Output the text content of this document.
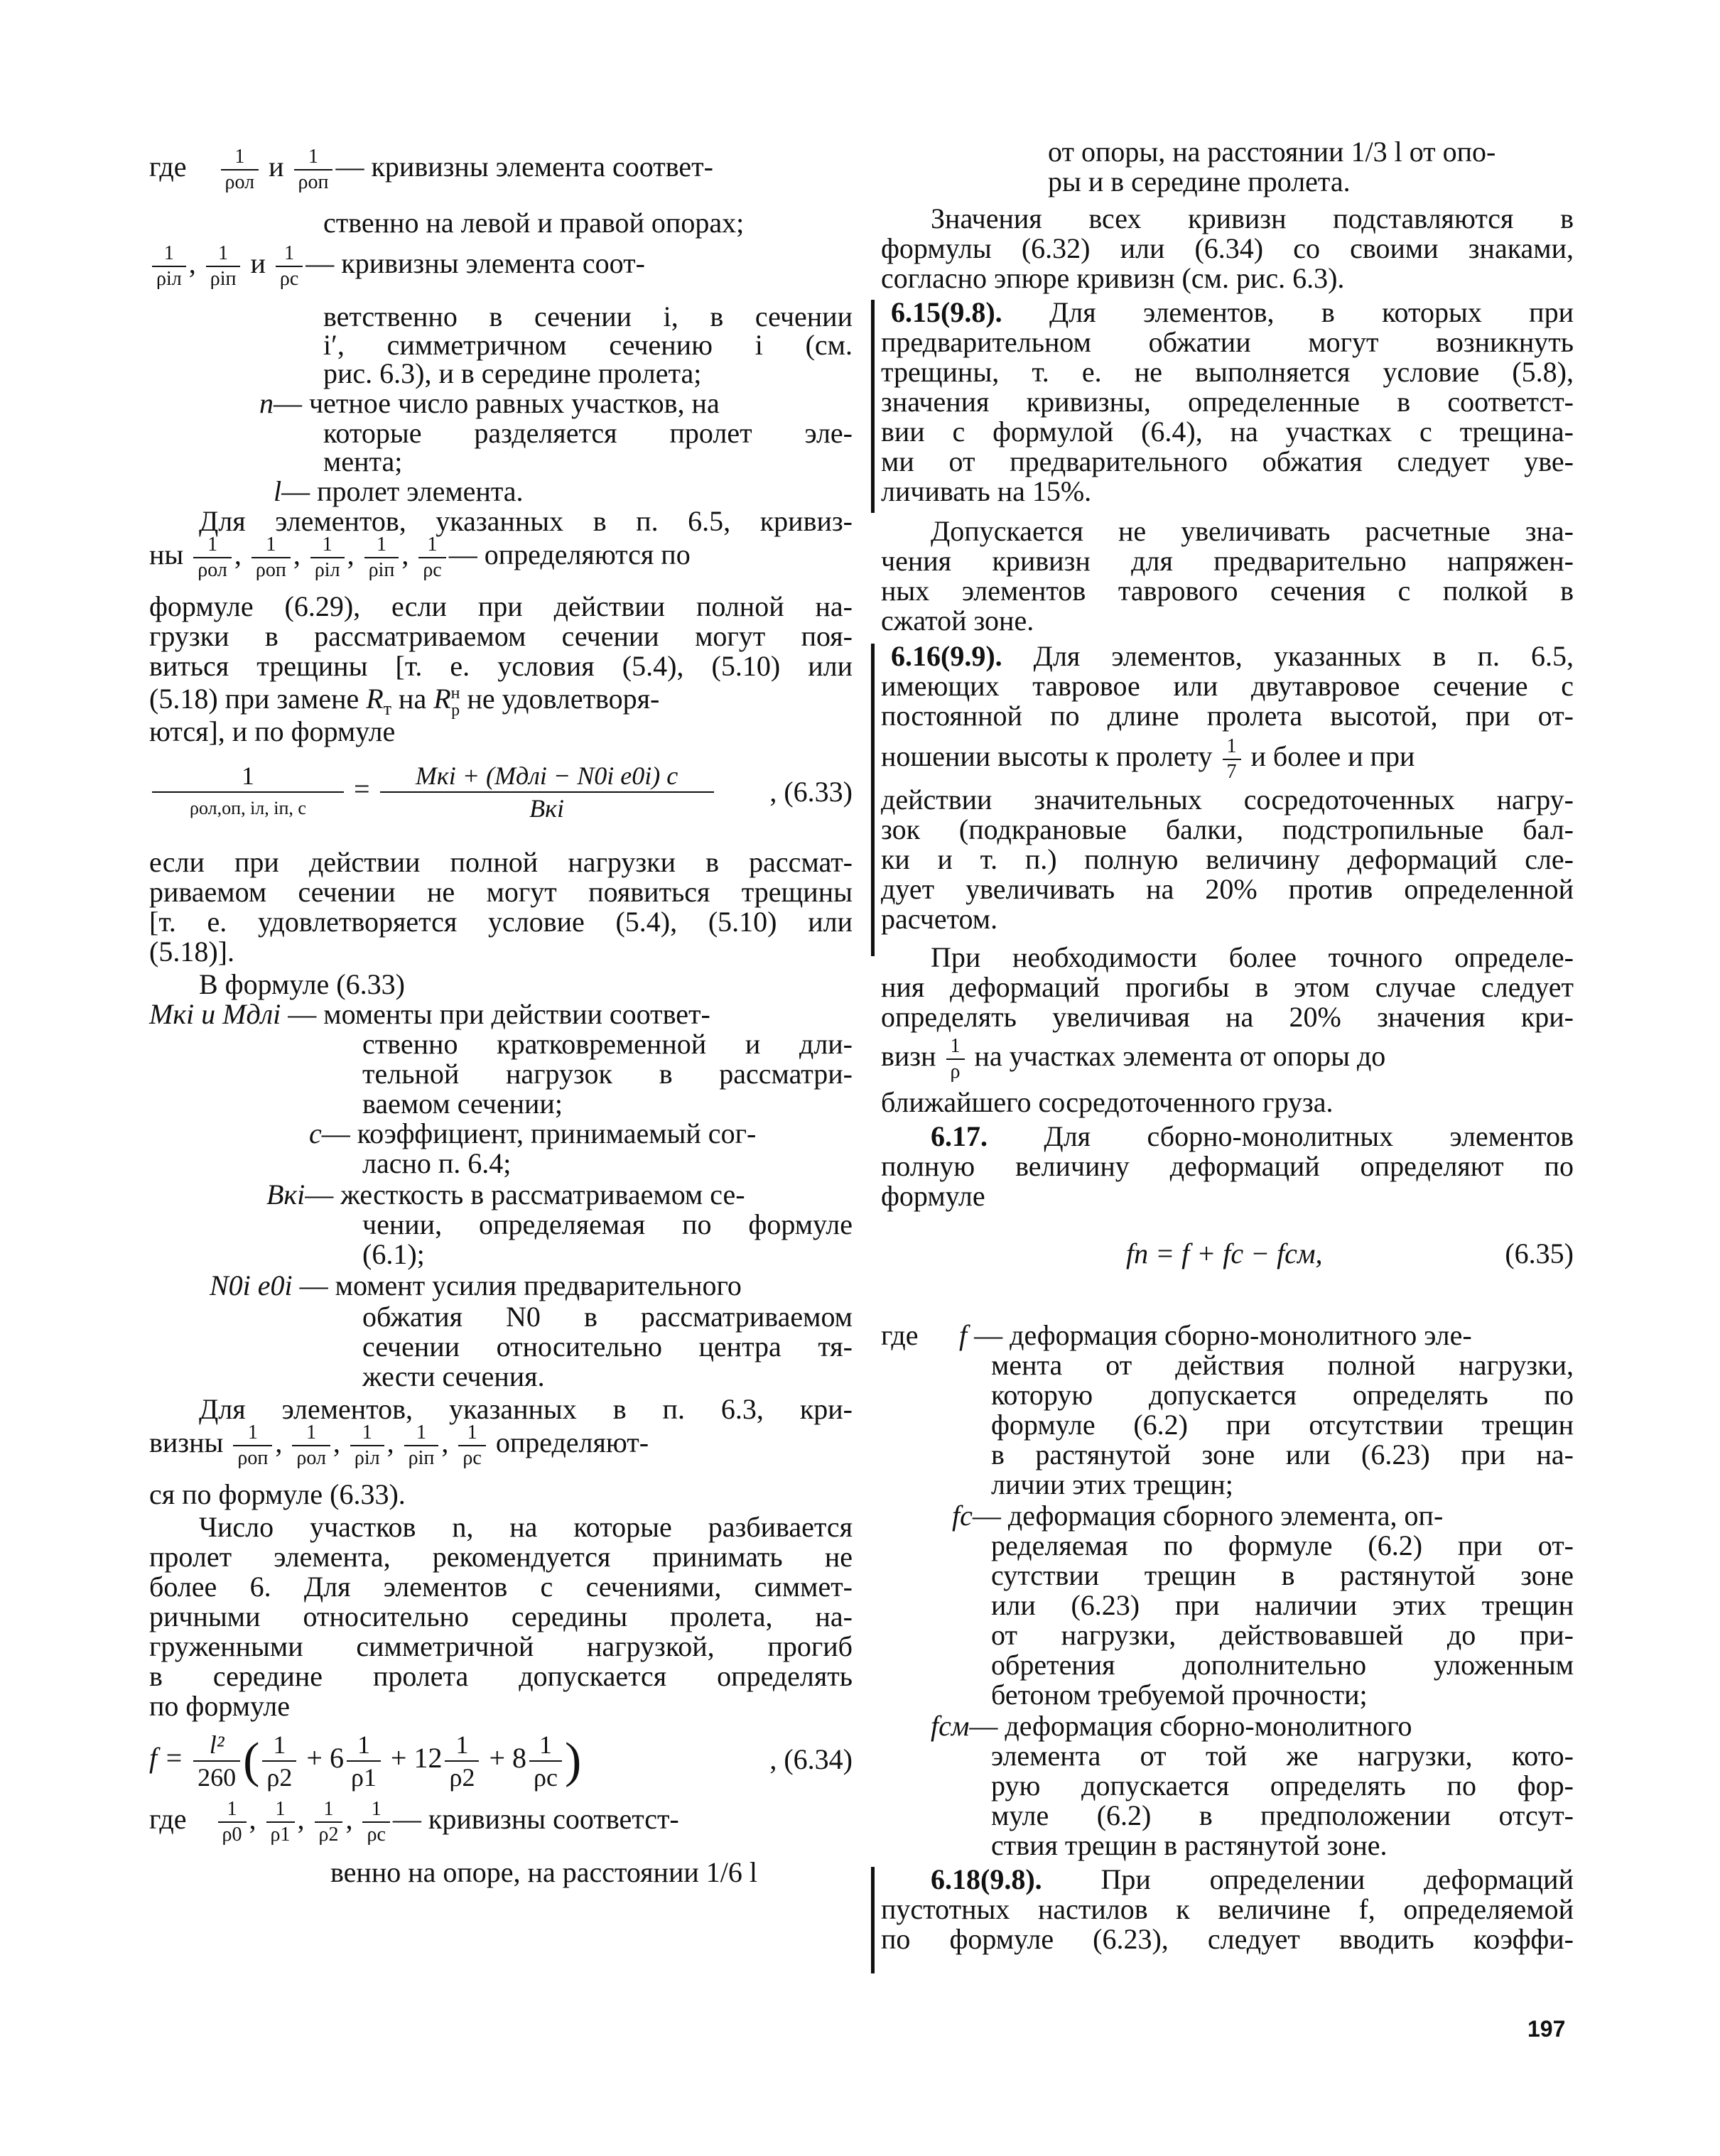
где $\frac{1}{\text{ρол}}$ и $\frac{1}{\text{ρоп}}$ — кривизны элемента соответ-
ственно на левой и правой опорах;
$\frac{1}{\text{ρiл}}$ , $\frac{1}{\text{ρiп}}$ и $\frac{1}{\rho c}$ — кривизны элемента соот-
ветственно в сечении i, в сечении
i′, симметричном сечению i (см.
рис. 6.3), и в середине пролета;
n— четное число равных участков, на
которые разделяется пролет эле-
мента;
l— пролет элемента.
Для элементов, указанных в п. 6.5, кривиз-
ны $\frac{1}{\text{ρол}}$ , $\frac{1}{\text{ρоп}}$ , $\frac{1}{\text{ρiл}}$ , $\frac{1}{\text{ρiп}}$ , $\frac{1}{\rho c}$ — определяются по
формуле (6.29), если при действии полной на-
грузки в рассматриваемом сечении могут поя-
виться трещины [т. е. условия (5.4), (5.10) или
(5.18) при замене $R_т$ на R н
р не удовлетворя-
ются], и по формуле
$\frac{1}{\text{ρол,оп, iл, iп, с}} = \frac{\text{Mкi + (Mдлi − N0i e0i) c}}{\text{Bкi}}$ , (6.33)
если при действии полной нагрузки в рассмат-
риваемом сечении не могут появиться трещины
[т. е. удовлетворяется условие (5.4), (5.10) или
(5.18)].
В формуле (6.33)
Mкi и Mдлi — моменты при действии соответ-
ственно кратковременной и дли-
тельной нагрузок в рассматри-
ваемом сечении;
c— коэффициент, принимаемый сог-
ласно п. 6.4;
Bкi— жесткость в рассматриваемом се-
чении, определяемая по формуле
(6.1);
N0i e0i — момент усилия предварительного
обжатия N0 в рассматриваемом
сечении относительно центра тя-
жести сечения.
Для элементов, указанных в п. 6.3, кри-
визны $\frac{1}{\text{ρоп}}$ , $\frac{1}{\text{ρол}}$ , $\frac{1}{\text{ρiл}}$ , $\frac{1}{\text{ρiп}}$ , $\frac{1}{\rho c}$ определяют-
ся по формуле (6.33).
Число участков n, на которые разбивается
пролет элемента, рекомендуется принимать не
более 6. Для элементов с сечениями, симмет-
ричными относительно середины пролета, на-
груженными симметричной нагрузкой, прогиб
в середине пролета допускается определять
по формуле
$f = \frac{\text{l²}}{260}$ ( $\frac{1}{\rho 2} + 6 \frac{1}{\rho 1} + 12 \frac{1}{\rho 2} + 8 \frac{1}{\rho c}$ )	, (6.34)
где $\frac{1}{\rho 0}$ , $\frac{1}{\rho 1}$ , $\frac{1}{\rho 2}$ , $\frac{1}{\rho c}$ — кривизны соответст-
венно на опоре, на расстоянии 1/6 l
от опоры, на расстоянии 1/3 l от опо-
ры и в середине пролета.
Значения всех кривизн подставляются в
формулы (6.32) или (6.34) со своими знаками,
согласно эпюре кривизн (см. рис. 6.3).
6.15(9.8). Для элементов, в которых при
предварительном обжатии могут возникнуть
трещины, т. е. не выполняется условие (5.8),
значения кривизны, определенные в соответст-
вии с формулой (6.4), на участках с трещина-
ми от предварительного обжатия следует уве-
личивать на 15%.
Допускается не увеличивать расчетные зна-
чения кривизн для предварительно напряжен-
ных элементов таврового сечения с полкой в
сжатой зоне.
6.16(9.9). Для элементов, указанных в п. 6.5,
имеющих тавровое или двутавровое сечение с
постоянной по длине пролета высотой, при от-
ношении высоты к пролету $\frac{1}{7}$ и более и при
действии значительных сосредоточенных нагру-
зок (подкрановые балки, подстропильные бал-
ки и т. п.) полную величину деформаций сле-
дует увеличивать на 20% против определенной
расчетом.
При необходимости более точного определе-
ния деформаций прогибы в этом случае следует
определять увеличивая на 20% значения кри-
визн $\frac{1}{\rho}$ на участках элемента от опоры до
ближайшего сосредоточенного груза.
6.17. Для сборно-монолитных элементов
полную величину деформаций определяют по
формуле
fп = f + fс − fсм,	(6.35)
где f — деформация сборно-монолитного эле-
мента от действия полной нагрузки,
которую допускается определять по
формуле (6.2) при отсутствии трещин
в растянутой зоне или (6.23) при на-
личии этих трещин;
fс— деформация сборного элемента, оп-
ределяемая по формуле (6.2) при от-
сутствии трещин в растянутой зоне
или (6.23) при наличии этих трещин
от нагрузки, действовавшей до при-
обретения дополнительно уложенным
бетоном требуемой прочности;
fсм— деформация сборно-монолитного
элемента от той же нагрузки, кото-
рую допускается определять по фор-
муле (6.2) в предположении отсут-
ствия трещин в растянутой зоне.
6.18(9.8). При определении деформаций
пустотных настилов к величине f, определяемой
по формуле (6.23), следует вводить коэффи-
197
